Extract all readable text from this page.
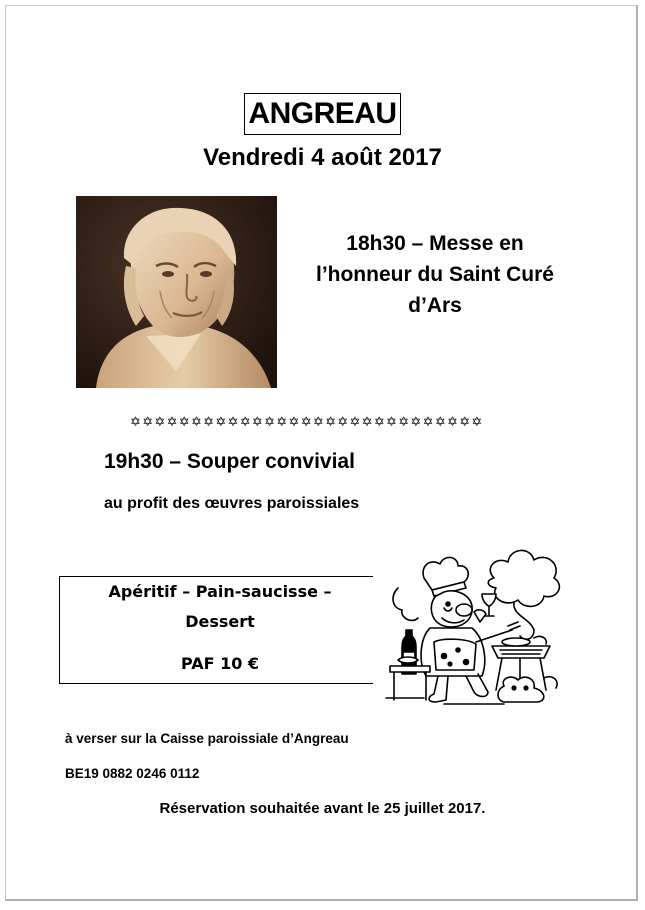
ANGREAU
Vendredi 4 août 2017
18h30 – Messe en
l’honneur du Saint Curé
d’Ars
✡✡✡✡✡✡✡✡✡✡✡✡✡✡✡✡✡✡✡✡✡✡✡✡✡✡✡✡✡
19h30 – Souper convivial
au profit des œuvres paroissiales
Apéritif – Pain-saucisse –
Dessert
PAF 10 €
à verser sur la Caisse paroissiale d’Angreau
BE19 0882 0246 0112
Réservation souhaitée avant le 25 juillet 2017.
